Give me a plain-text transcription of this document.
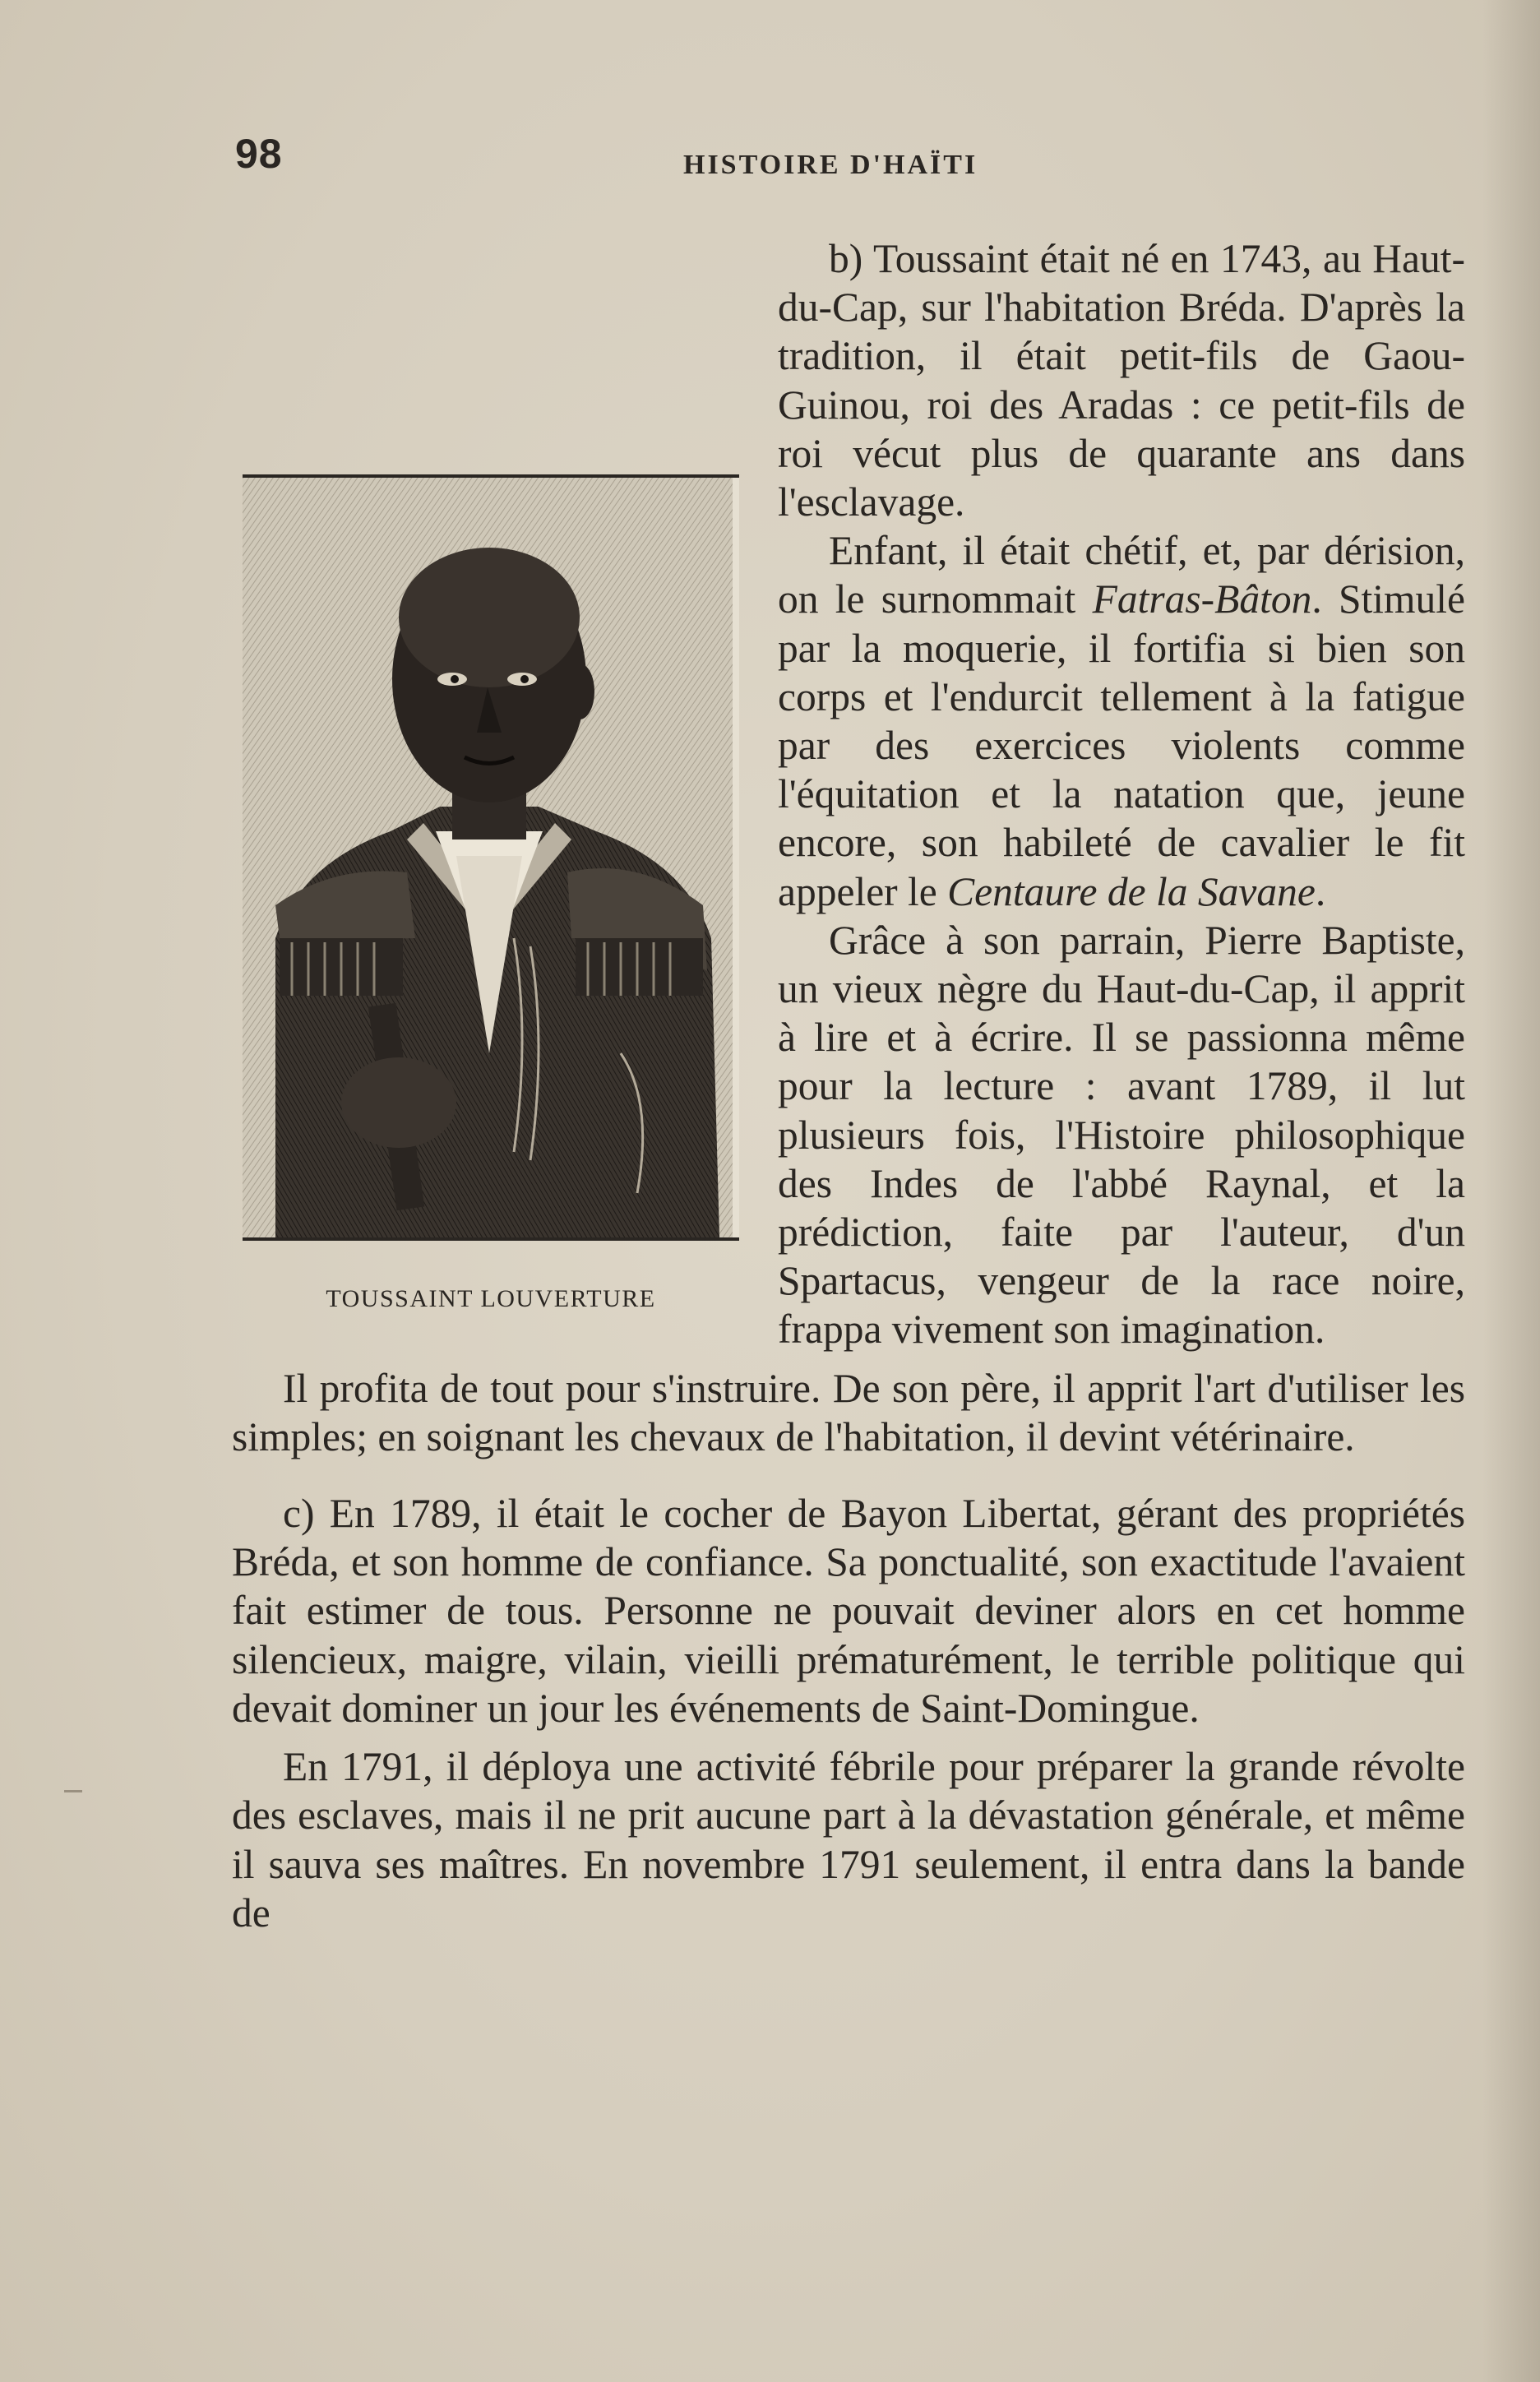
98	HISTOIRE D'HAÏTI
TOUSSAINT LOUVERTURE

b) Toussaint était né en 1743, au Haut-du-Cap, sur l'habitation Bréda. D'après la tradition, il était petit-fils de Gaou-Guinou, roi des Aradas : ce petit-fils de roi vécut plus de quarante ans dans l'esclavage.

Enfant, il était chétif, et, par dérision, on le surnommait Fatras-Bâton. Stimulé par la moquerie, il fortifia si bien son corps et l'endurcit tellement à la fatigue par des exercices violents comme l'équitation et la natation que, jeune encore, son habileté de cavalier le fit appeler le Centaure de la Savane.

Grâce à son parrain, Pierre Baptiste, un vieux nègre du Haut-du-Cap, il apprit à lire et à écrire. Il se passionna même pour la lecture : avant 1789, il lut plusieurs fois, l'Histoire philosophique des Indes de l'abbé Raynal, et la prédiction, faite par l'auteur, d'un Spartacus, vengeur de la race noire, frappa vivement son imagination.

Il profita de tout pour s'instruire. De son père, il apprit l'art d'utiliser les simples; en soignant les chevaux de l'habitation, il devint vétérinaire.

c) En 1789, il était le cocher de Bayon Libertat, gérant des propriétés Bréda, et son homme de confiance. Sa ponctualité, son exactitude l'avaient fait estimer de tous. Personne ne pouvait deviner alors en cet homme silencieux, maigre, vilain, vieilli prématurément, le terrible politique qui devait dominer un jour les événements de Saint-Domingue.

En 1791, il déploya une activité fébrile pour préparer la grande révolte des esclaves, mais il ne prit aucune part à la dévastation générale, et même il sauva ses maîtres. En novembre 1791 seulement, il entra dans la bande de
